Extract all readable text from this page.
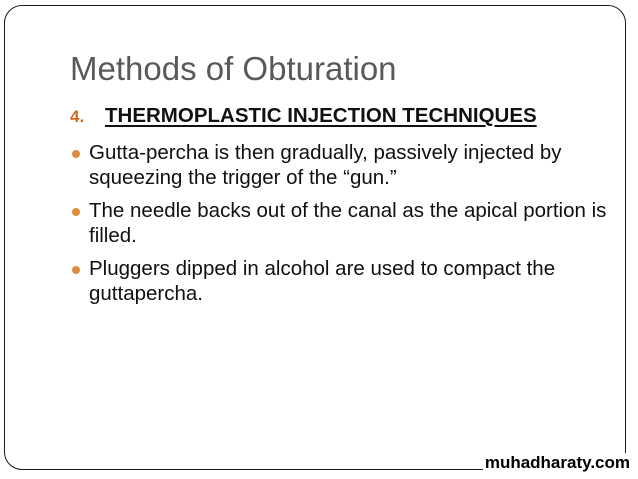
Methods of Obturation
4. THERMOPLASTIC INJECTION TECHNIQUES
Gutta-percha is then gradually, passively injected by squeezing the trigger of the “gun.”
The needle backs out of the canal as the apical portion is filled.
Pluggers dipped in alcohol are used to compact the guttapercha.
muhadharaty.com
